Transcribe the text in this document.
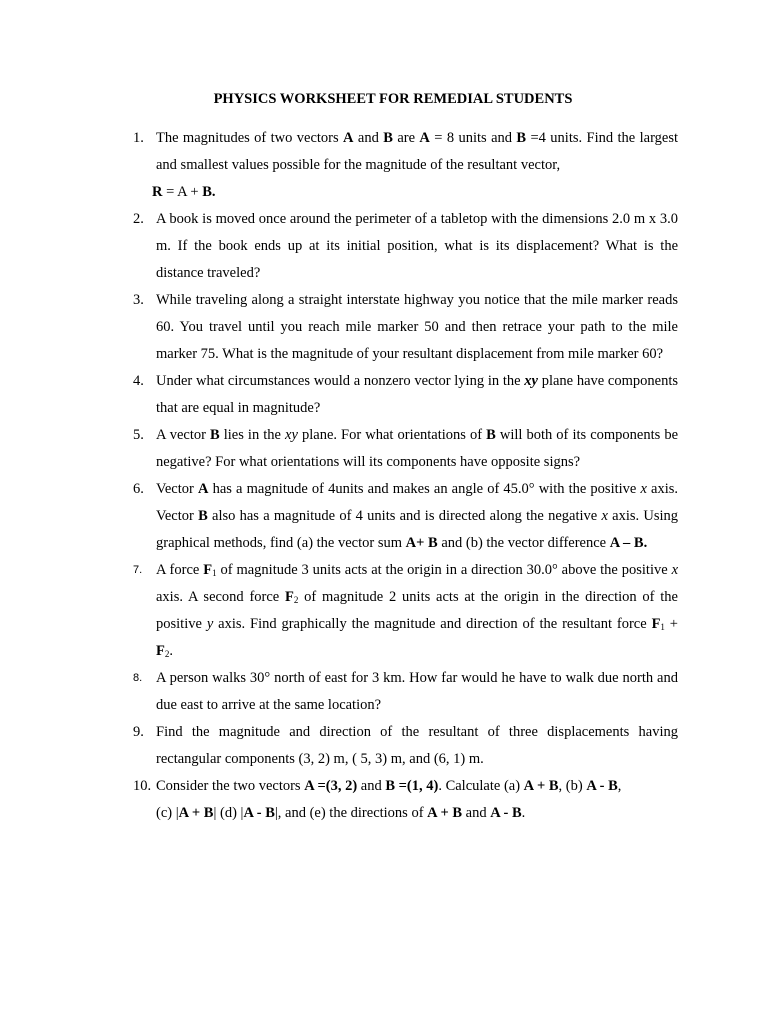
PHYSICS WORKSHEET FOR REMEDIAL STUDENTS
1. The magnitudes of two vectors A and B are A = 8 units and B =4 units. Find the largest and smallest values possible for the magnitude of the resultant vector,
R = A + B.
2. A book is moved once around the perimeter of a tabletop with the dimensions 2.0 m x 3.0 m. If the book ends up at its initial position, what is its displacement? What is the distance traveled?
3. While traveling along a straight interstate highway you notice that the mile marker reads 60. You travel until you reach mile marker 50 and then retrace your path to the mile marker 75. What is the magnitude of your resultant displacement from mile marker 60?
4. Under what circumstances would a nonzero vector lying in the xy plane have components that are equal in magnitude?
5. A vector B lies in the xy plane. For what orientations of B will both of its components be negative? For what orientations will its components have opposite signs?
6. Vector A has a magnitude of 4units and makes an angle of 45.0° with the positive x axis. Vector B also has a magnitude of 4 units and is directed along the negative x axis. Using graphical methods, find (a) the vector sum A+ B and (b) the vector difference A – B.
7. A force $F_1$ of magnitude 3 units acts at the origin in a direction 30.0° above the positive x axis. A second force $F_2$ of magnitude 2 units acts at the origin in the direction of the positive y axis. Find graphically the magnitude and direction of the resultant force $F_1 + F_2$.
8. A person walks 30° north of east for 3 km. How far would he have to walk due north and due east to arrive at the same location?
9. Find the magnitude and direction of the resultant of three displacements having rectangular components (3, 2) m, ( 5, 3) m, and (6, 1) m.
10. Consider the two vectors A =(3, 2) and B =(1, 4). Calculate (a) A + B, (b) A - B,
(c) |A + B| (d) |A - B|, and (e) the directions of A + B and A - B.
